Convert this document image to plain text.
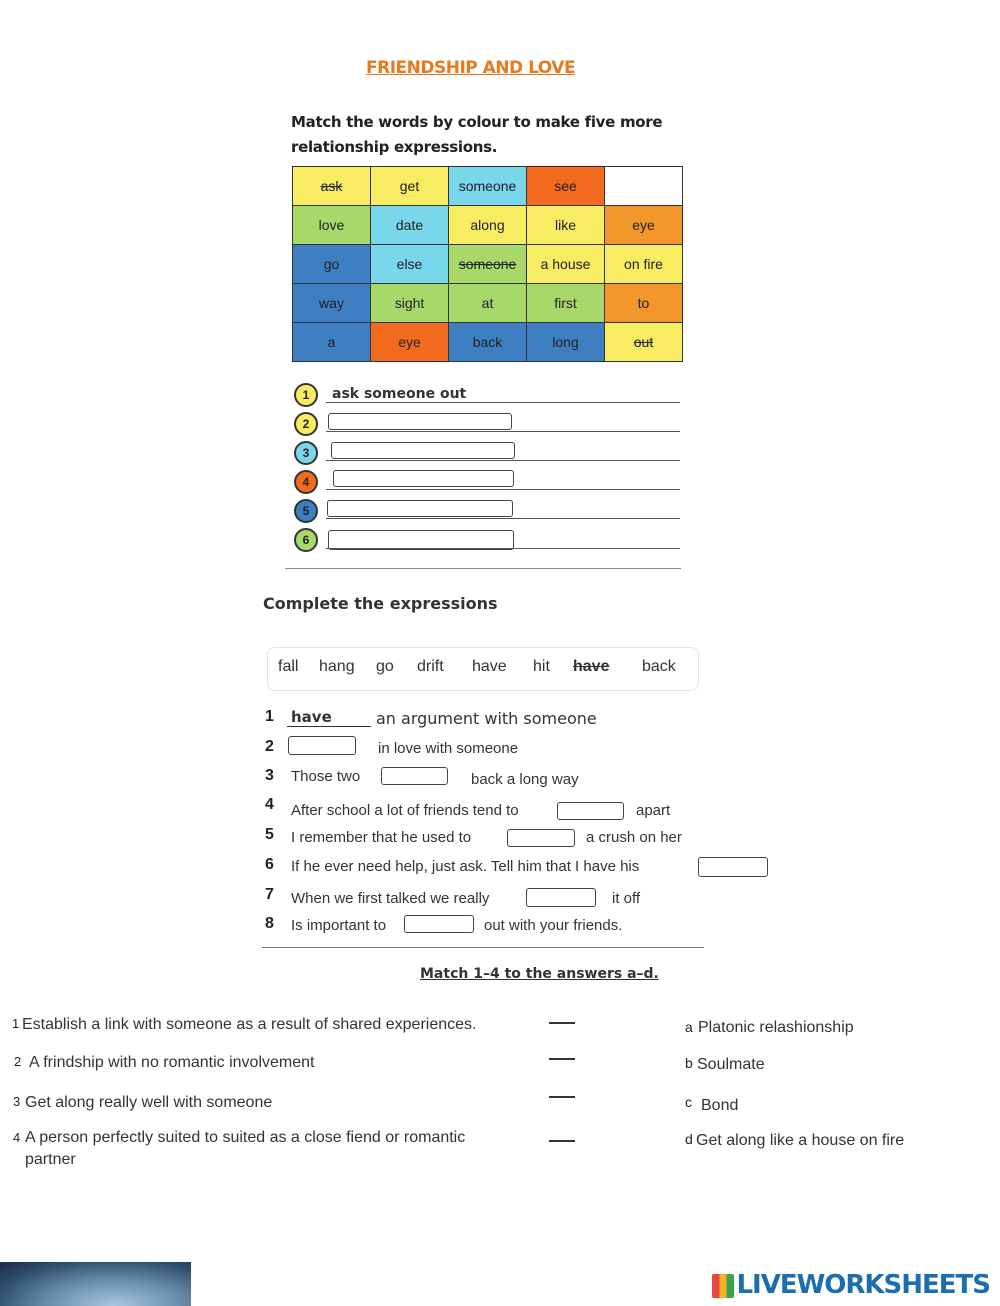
FRIENDSHIP AND LOVE
Match the words by colour to make five more
relationship expressions.
ask	get	someone	see	
love	date	along	like	eye
go	else	someone	a house	on fire
way	sight	at	first	to
a	eye	back	long	out
1	ask someone out
2
3
4
5
6
Complete the expressions
fall hang go drift have hit have back
1 have	an argument with someone
2	in love with someone
3 Those two	back a long way
4 After school a lot of friends tend to	apart
5 I remember that he used to	a crush on her
6 If he ever need help, just ask. Tell him that I have his
7 When we first talked we really	it off
8 Is important to	out with your friends.
Match 1–4 to the answers a–d.
1 Establish a link with someone as a result of shared experiences.
2 A frindship with no romantic involvement
3 Get along really well with someone
4 A person perfectly suited to suited as a close fiend or romantic
partner
a Platonic relashionship
b Soulmate
c Bond
d Get along like a house on fire
LIVEWORKSHEETS
